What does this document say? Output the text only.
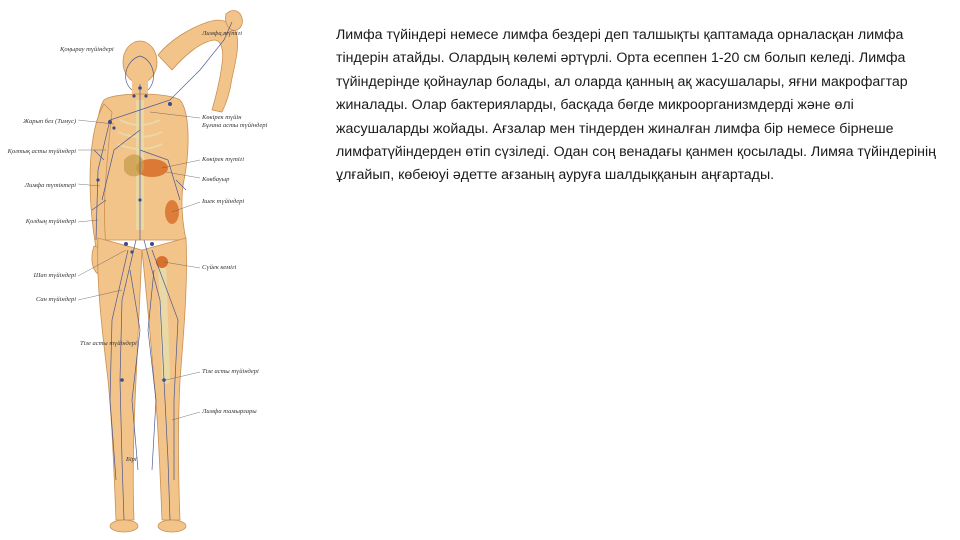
Жарып без (Тимус)
Қолтық асты түйіндері
Лимфа түтіктері
Қолдың түйіндері
Шап түйіндері
Сан түйіндері
Қоңырау түйіндері
Лимфа түтігі
Көкірек түйін
Бұғана асты түйіндері
Көкірек түтігі
Көкбауыр
Ішек түйіндері
Сүйек кемігі
Тізе асты түйіндері
Лимфа тамырлары
Тізе асты түйіндері
Бірі

Лимфа түйіндері немесе лимфа бездері деп талшықты қаптамада орналасқан лимфа тіндерін атайды. Олардың көлемі әртүрлі. Орта есеппен 1-20 см болып келеді. Лимфа түйіндерінде қойнаулар болады, ал оларда қанның ақ жасушалары, яғни макрофагтар жиналады. Олар бактерияларды, басқада бөгде микроорганизмдерді және өлі жасушаларды жойады. Ағзалар мен тіндерден жиналған лимфа бір немесе бірнеше лимфатүйіндерден өтіп сүзіледі. Одан соң венадағы қанмен қосылады. Лимяа түйіндерінің ұлғайып, көбеюуі әдетте ағзаның ауруға шалдыққанын аңғартады.
